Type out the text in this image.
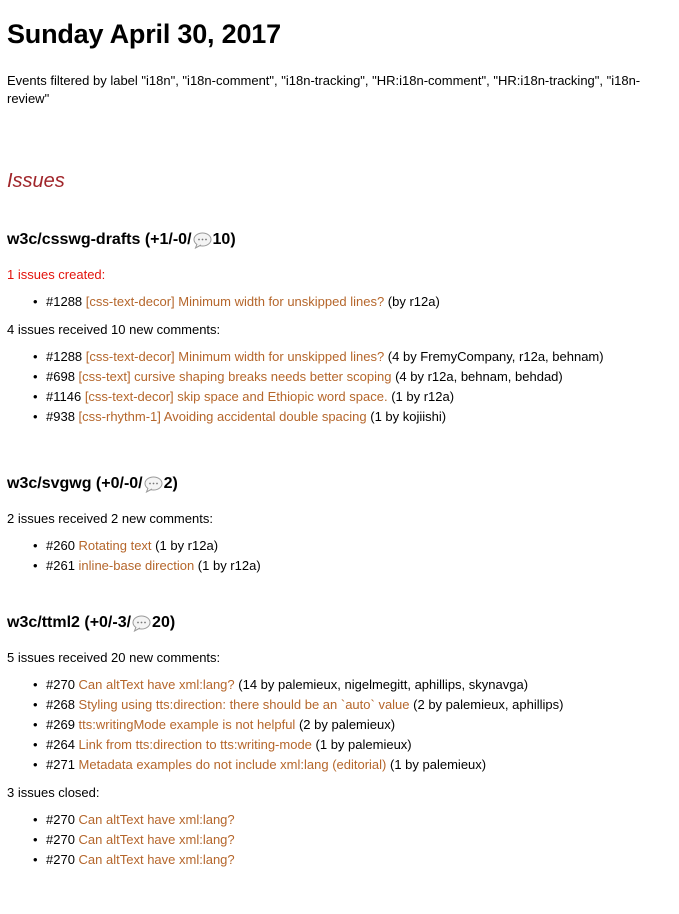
Sunday April 30, 2017
Events filtered by label "i18n", "i18n-comment", "i18n-tracking", "HR:i18n-comment", "HR:i18n-tracking", "i18n-review"
Issues
w3c/csswg-drafts (+1/-0/ 10)

1 issues created:

• #1288 [css-text-decor] Minimum width for unskipped lines? (by r12a)

4 issues received 10 new comments:

• #1288 [css-text-decor] Minimum width for unskipped lines? (4 by FremyCompany, r12a, behnam)
• #698 [css-text] cursive shaping breaks needs better scoping (4 by r12a, behnam, behdad)
• #1146 [css-text-decor] skip space and Ethiopic word space. (1 by r12a)
• #938 [css-rhythm-1] Avoiding accidental double spacing (1 by kojiishi)
w3c/svgwg (+0/-0/ 2)

2 issues received 2 new comments:

• #260 Rotating text (1 by r12a)
• #261 inline-base direction (1 by r12a)
w3c/ttml2 (+0/-3/ 20)

5 issues received 20 new comments:

• #270 Can altText have xml:lang? (14 by palemieux, nigelmegitt, aphillips, skynavga)
• #268 Styling using tts:direction: there should be an `auto` value (2 by palemieux, aphillips)
• #269 tts:writingMode example is not helpful (2 by palemieux)
• #264 Link from tts:direction to tts:writing-mode (1 by palemieux)
• #271 Metadata examples do not include xml:lang (editorial) (1 by palemieux)

3 issues closed:

• #270 Can altText have xml:lang?
• #270 Can altText have xml:lang?
• #270 Can altText have xml:lang?
